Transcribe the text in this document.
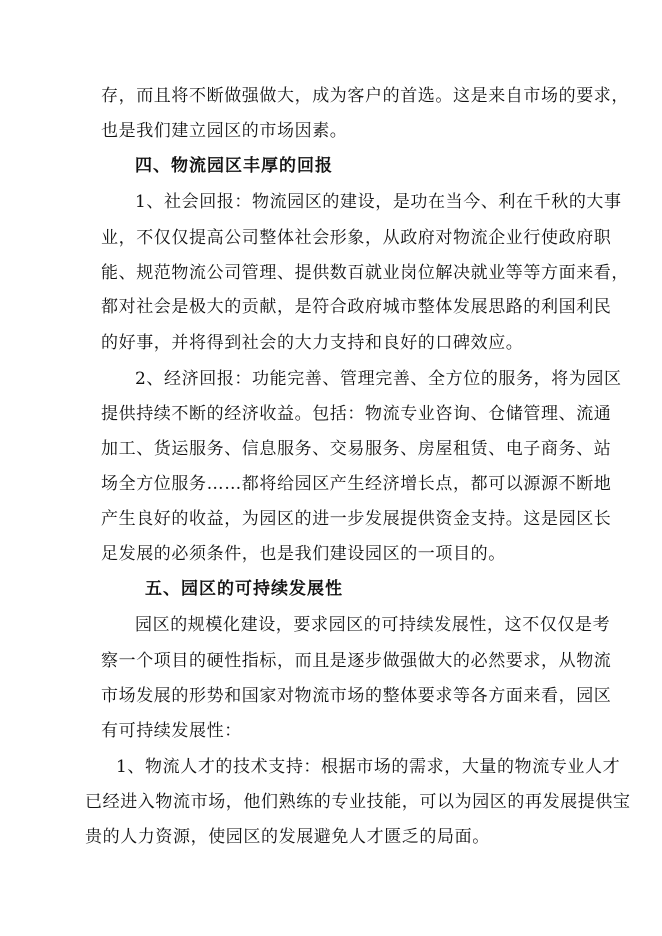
存，而且将不断做强做大，成为客户的首选。这是来自市场的要求，
也是我们建立园区的市场因素。
四、物流园区丰厚的回报
1、社会回报：物流园区的建设，是功在当今、利在千秋的大事
业，不仅仅提高公司整体社会形象，从政府对物流企业行使政府职
能、规范物流公司管理、提供数百就业岗位解决就业等等方面来看，
都对社会是极大的贡献，是符合政府城市整体发展思路的利国利民
的好事，并将得到社会的大力支持和良好的口碑效应。
2、经济回报：功能完善、管理完善、全方位的服务，将为园区
提供持续不断的经济收益。包括：物流专业咨询、仓储管理、流通
加工、货运服务、信息服务、交易服务、房屋租赁、电子商务、站
场全方位服务……都将给园区产生经济增长点，都可以源源不断地
产生良好的收益，为园区的进一步发展提供资金支持。这是园区长
足发展的必须条件，也是我们建设园区的一项目的。
五、园区的可持续发展性
园区的规模化建设，要求园区的可持续发展性，这不仅仅是考
察一个项目的硬性指标，而且是逐步做强做大的必然要求，从物流
市场发展的形势和国家对物流市场的整体要求等各方面来看，园区
有可持续发展性：
1、物流人才的技术支持：根据市场的需求，大量的物流专业人才
已经进入物流市场，他们熟练的专业技能，可以为园区的再发展提供宝
贵的人力资源，使园区的发展避免人才匮乏的局面。
